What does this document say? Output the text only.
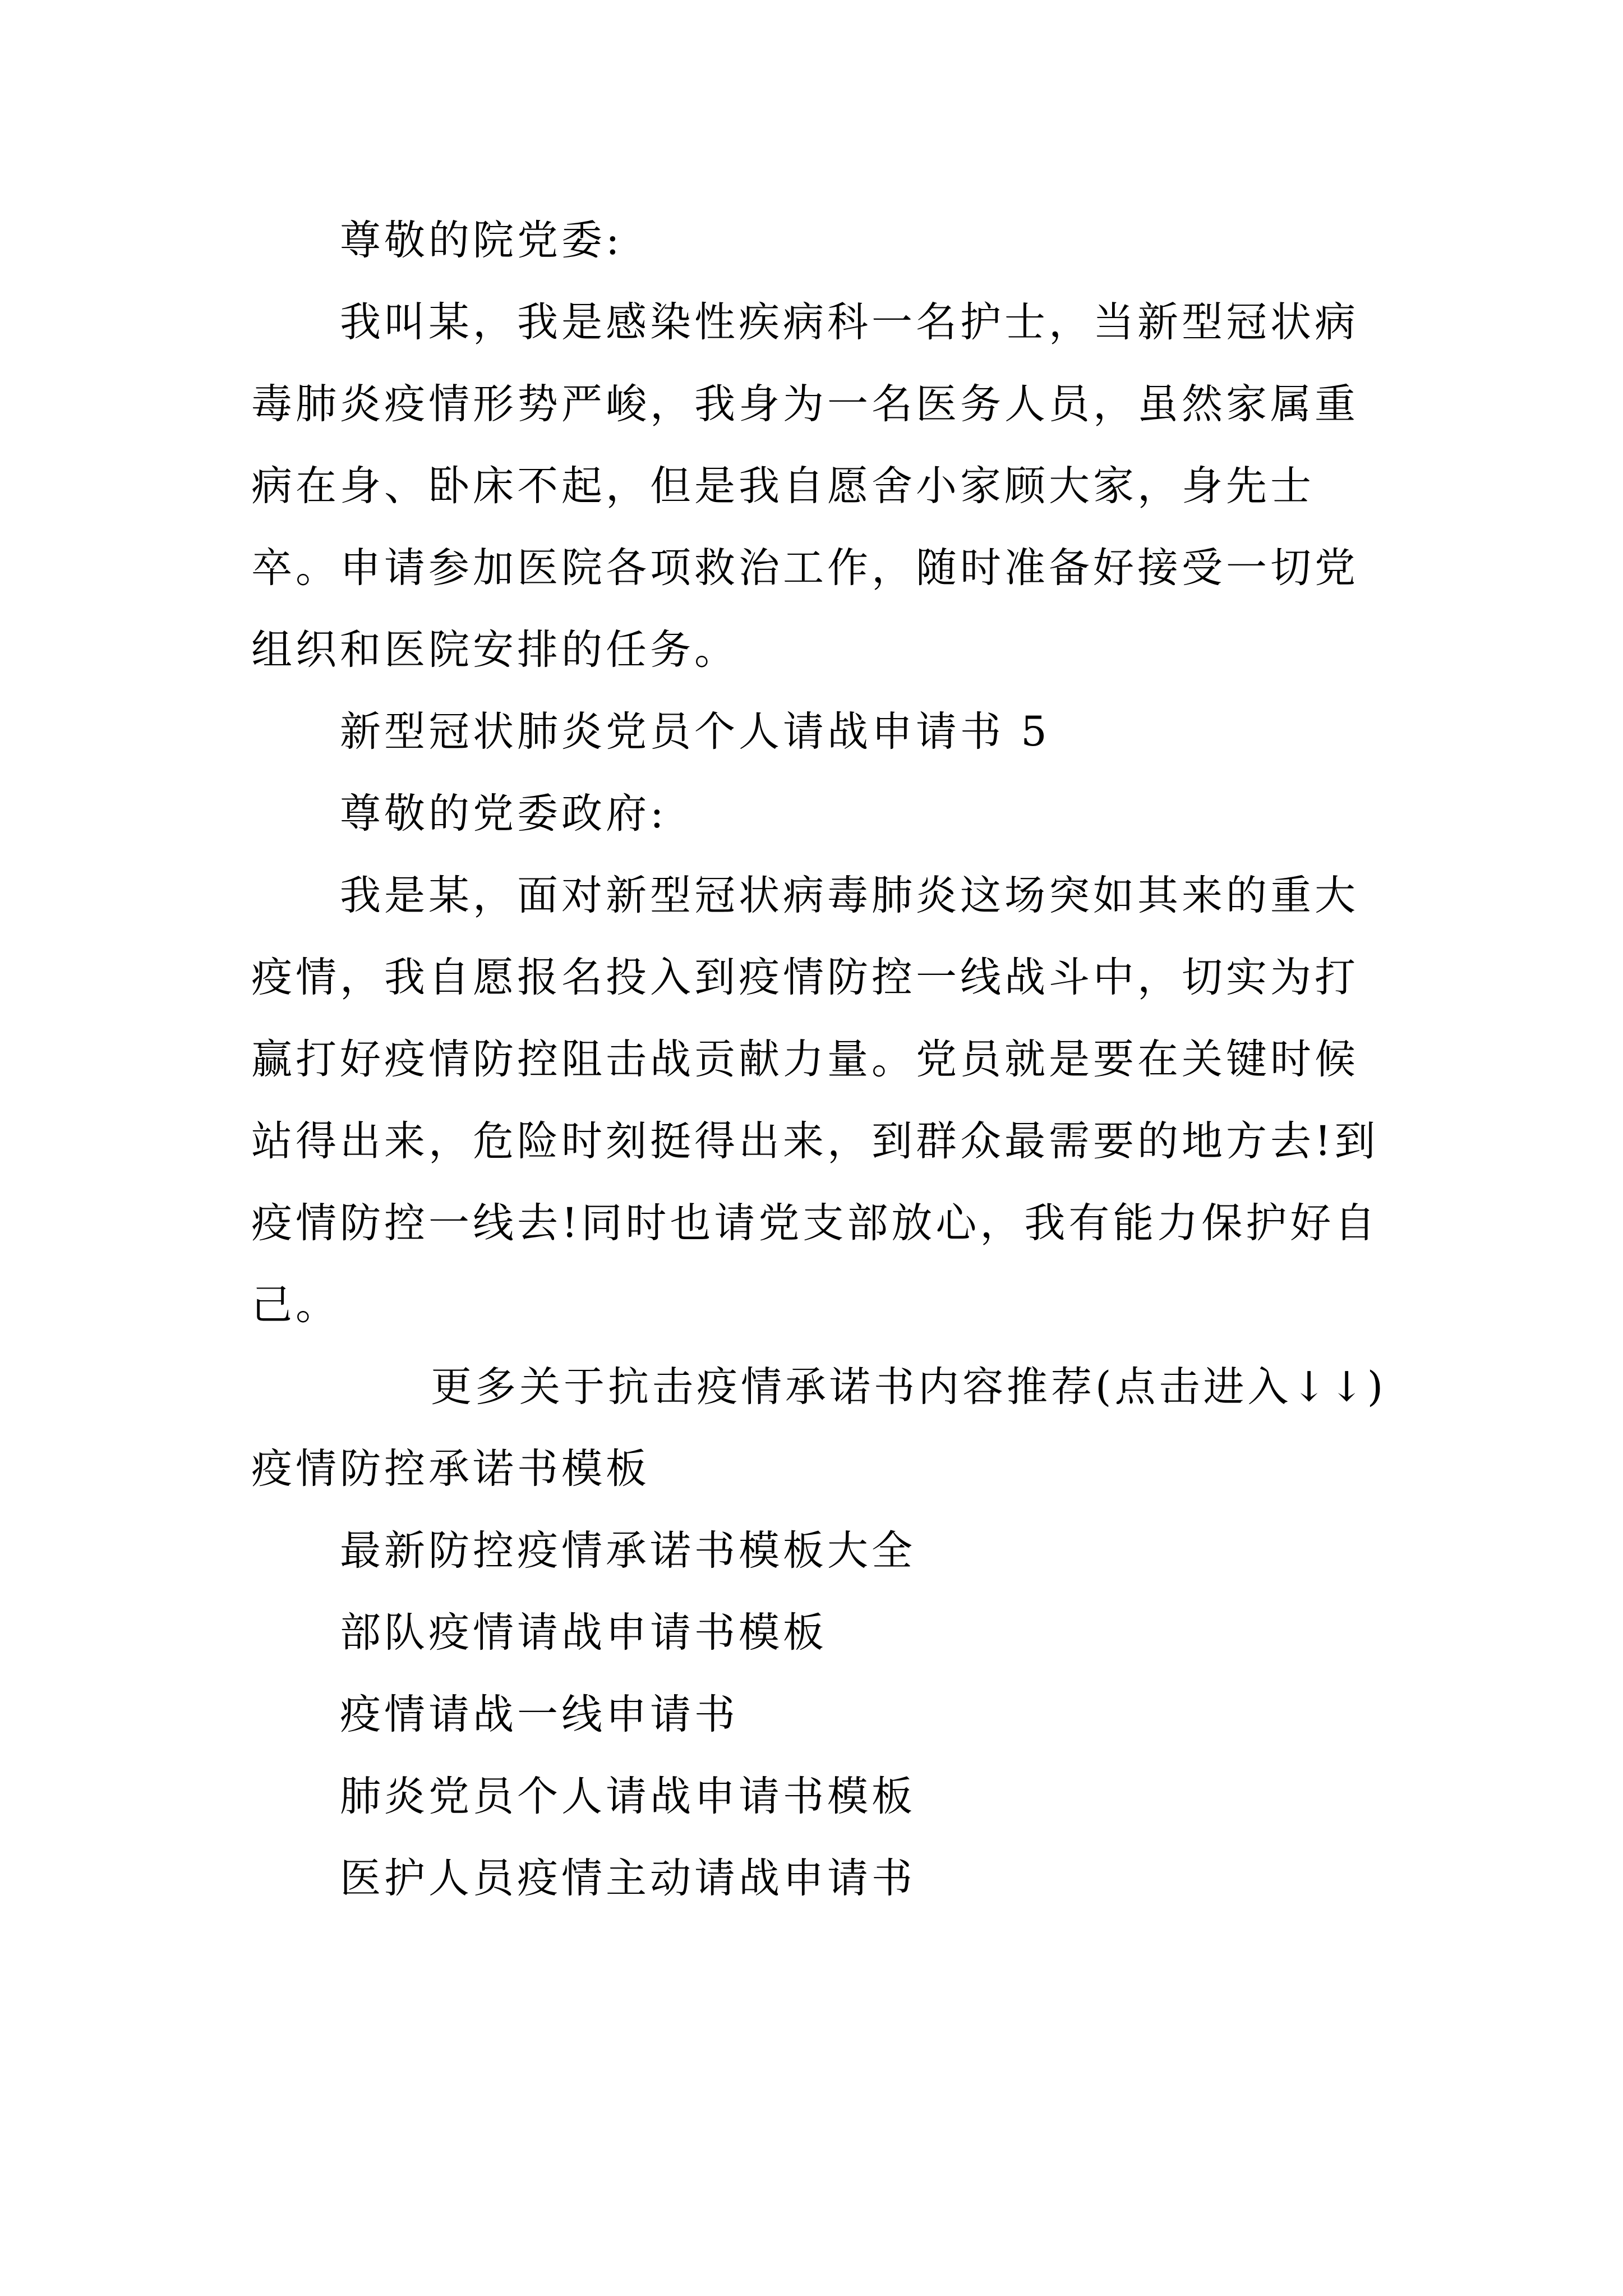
尊敬的院党委:

我叫某，我是感染性疾病科一名护士，当新型冠状病毒肺炎疫情形势严峻，我身为一名医务人员，虽然家属重病在身、卧床不起，但是我自愿舍小家顾大家，身先士卒。申请参加医院各项救治工作，随时准备好接受一切党组织和医院安排的任务。

新型冠状肺炎党员个人请战申请书 5

尊敬的党委政府:

我是某，面对新型冠状病毒肺炎这场突如其来的重大疫情，我自愿报名投入到疫情防控一线战斗中，切实为打赢打好疫情防控阻击战贡献力量。党员就是要在关键时候站得出来，危险时刻挺得出来，到群众最需要的地方去!到疫情防控一线去!同时也请党支部放心，我有能力保护好自己。

更多关于抗击疫情承诺书内容推荐(点击进入↓↓)疫情防控承诺书模板

最新防控疫情承诺书模板大全
部队疫情请战申请书模板
疫情请战一线申请书
肺炎党员个人请战申请书模板
医护人员疫情主动请战申请书
